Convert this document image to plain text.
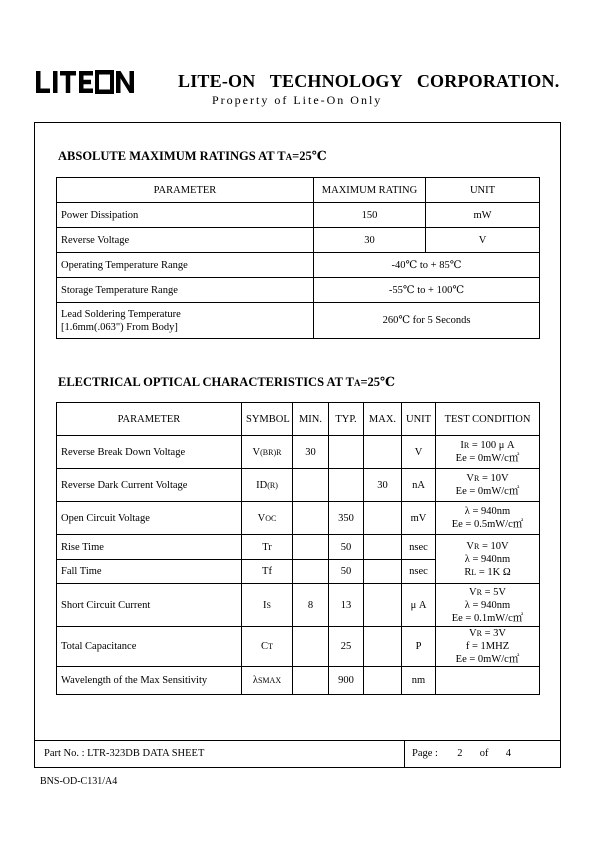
LITE-ON TECHNOLOGY CORPORATION.
Property of Lite-On Only
ABSOLUTE MAXIMUM RATINGS AT TA=25℃
PARAMETER	MAXIMUM RATING	UNIT
Power Dissipation	150	mW
Reverse Voltage	30	V
Operating Temperature Range	-40℃ to + 85℃	
Storage Temperature Range	-55℃ to + 100℃	
Lead Soldering Temperature
[1.6mm(.063") From Body]	260℃ for 5 Seconds	
ELECTRICAL OPTICAL CHARACTERISTICS AT TA=25℃
PARAMETER	SYMBOL	MIN.	TYP.	MAX.	UNIT	TEST CONDITION
Reverse Break Down Voltage	V(BR)R	30			V	IR = 100 μ A
Ee = 0mW/c㎡
Reverse Dark Current Voltage	ID(R)			30	nA	VR = 10V
Ee = 0mW/c㎡
Open Circuit Voltage	VOC		350		mV	λ = 940nm
Ee = 0.5mW/c㎡
Rise Time	Tr		50		nsec	VR = 10V
λ = 940nm
RL = 1K Ω
Fall Time	Tf		50		nsec	
Short Circuit Current	IS	8	13		μ A	VR = 5V
λ = 940nm
Ee = 0.1mW/c㎡
Total Capacitance	CT		25		P	VR = 3V
f = 1MHZ
Ee = 0mW/c㎡
Wavelength of the Max Sensitivity	λSMAX		900		nm	
Part No. : LTR-323DB DATA SHEET	Page : 2 of 4
BNS-OD-C131/A4
